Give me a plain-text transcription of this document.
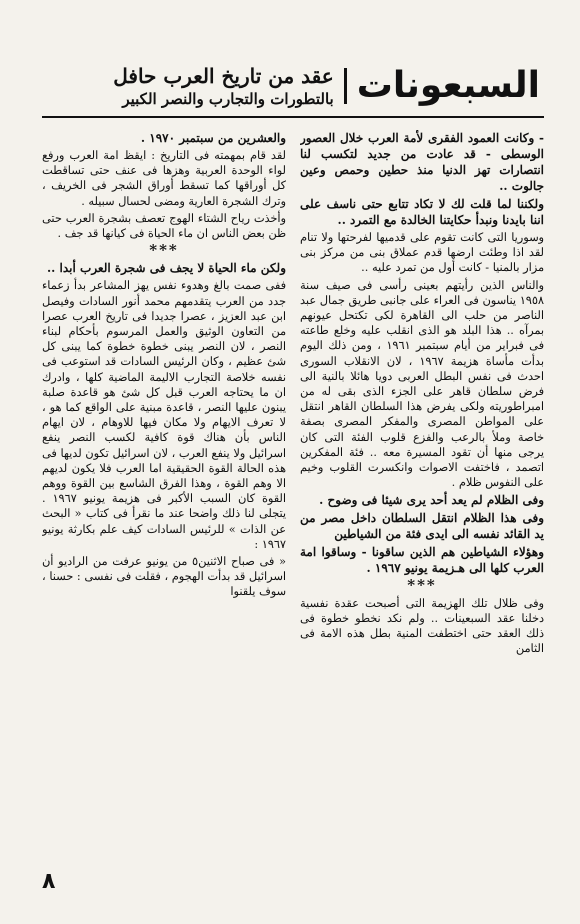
السبعونات
عقد من تاريخ العرب حافل
بالتطورات والتجارب والنصر الكبير

- وكانت العمود الفقرى لأمة العرب خلال العصور الوسطى - قد عادت من جديد لتكسب لنا انتصارات تهز الدنيا منذ حطين وحمص وعين جالوت ..

ولكننا لما قلت لك لا تكاد تتابع حتى ناسف على اننا بايدنا ونبدأ حكايتنا الخالدة مع التمرد ..

وسوريا التى كانت تقوم على قدميها لفرحتها ولا تنام لقد اذا وطئت ارضها قدم عملاق بنى من مركز بنى مزار بالمنيا - كانت أول من تمرد عليه ..

والناس الذين رأيتهم بعينى رأسى فى صيف سنة ١٩٥٨ يناسون فى العراء على جانبى طريق جمال عبد الناصر من حلب الى القاهرة لكى تكتحل عيونهم بمرآه .. هذا البلد هو الذى انقلب عليه وخلع طاعته فى فبراير من أيام سبتمبر ١٩٦١ ، ومن ذلك اليوم بدأت مأساة هزيمة ١٩٦٧ ، لان الانقلاب السورى احدث فى نفس البطل العربى دويا هائلا بالنية الى فرض سلطان قاهر على الجزء الذى بقى له من امبراطوريته ولكى يفرض هذا السلطان القاهر انتقل على المواطن المصرى والمفكر المصرى بصفة خاصة وملأ بالرعب والفزع قلوب الفئة التى كان يرجى منها أن تقود المسيرة معه .. فئة المفكرين اتصمد ، فاختفت الاصوات وانكسرت القلوب وخيم على النفوس ظلام .

وفى الظلام لم يعد أحد يرى شيئا فى وضوح .

وفى هذا الظلام انتقل السلطان داخل مصر من يد القائد نفسه الى ايدى فئة من الشياطين

وهؤلاء الشياطين هم الذين ساقونا - وساقوا امة العرب كلها الى هـزيمة يونيو ١٩٦٧ .

***

وفى ظلال تلك الهزيمة التى أصبحت عقدة نفسية دخلنا عقد السبعينات .. ولم نكد نخطو خطوة فى ذلك العقد حتى اختطفت المنية بطل هذه الامة فى الثامن

والعشرين من سبتمبر ١٩٧٠ .

لقد قام بمهمته فى التاريخ : ايقظ امة العرب ورفع لواء الوحدة العربية وهزها فى عنف حتى تساقطت كل أوراقها كما تسقط أوراق الشجر فى الخريف ، وترك الشجرة العارية ومضى لحسال سبيله .

وأخذت رياح الشتاء الهوج تعصف بشجرة العرب حتى ظن بعض الناس ان ماء الحياة فى كيانها قد جف .

***

ولكن ماء الحياة لا يجف فى شجرة العرب أبدا ..

ففى صمت بالغ وهدوء نفس يهز المشاعر بدأ زعماء جدد من العرب يتقدمهم محمد أنور السادات وفيصل ابن عبد العزيز ، عصرا جديدا فى تاريخ العرب عصرا من التعاون الوثيق والعمل المرسوم بأحكام لبناء النصر ، لان النصر يبنى خطوة خطوة كما يبنى كل شئ عظيم ، وكان الرئيس السادات قد استوعب فى نفسه خلاصة التجارب الاليمة الماضية كلها ، وادرك ان ما يحتاجه العرب قبل كل شئ هو قاعدة صلبة يبنون عليها النصر ، قاعدة مبنية على الواقع كما هو ، لا تعرف الايهام ولا مكان فيها للاوهام ، لان ايهام الناس بأن هناك قوة كافية لكسب النصر ينفع اسرائيل ولا ينفع العرب ، لان اسرائيل تكون لديها فى هذه الحالة القوة الحقيقية اما العرب فلا يكون لديهم الا وهم القوة ، وهذا الفرق الشاسع بين القوة ووهم القوة كان السبب الأكبر فى هزيمة يونيو ١٩٦٧ . يتجلى لنا ذلك واضحا عند ما نقرأ فى كتاب « البحث عن الذات » للرئيس السادات كيف علم بكارثة يونيو ١٩٦٧ :

« فى صباح الاثنين٥ من يونيو عرفت من الراديو أن اسرائيل قد بدأت الهجوم ، فقلت فى نفسى : حسنا ، سوف يلقنوا

٨
